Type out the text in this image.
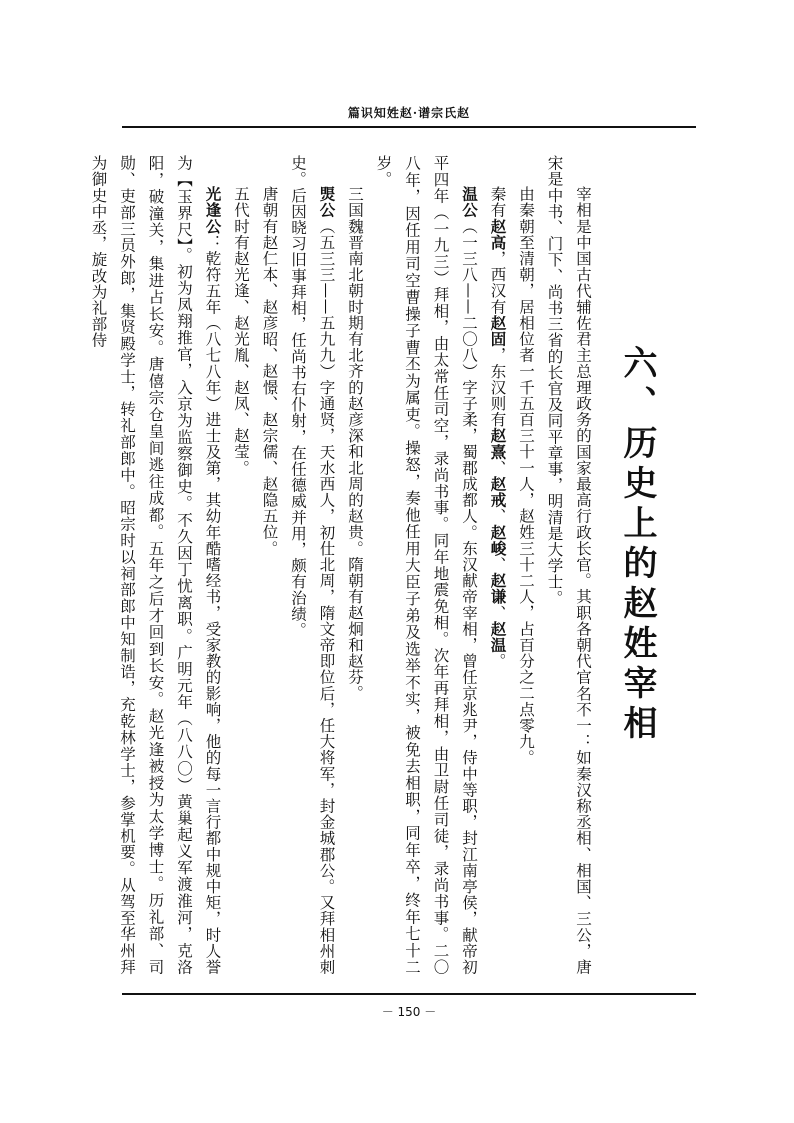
篇识知姓赵·谱宗氏赵
六、历史上的赵姓宰相
宰相是中国古代辅佐君主总理政务的国家最高行政长官。其职各朝代官名不一：如秦汉称丞相、相国、三公，唐宋是中书、门下、尚书三省的长官及同平章事，明清是大学士。
由秦朝至清朝，居相位者一千五百三十一人，赵姓三十二人，占百分之二点零九。
秦有赵高，西汉有赵固，东汉则有赵熹、赵戒、赵峻、赵谦、赵温。
温公（一三八——二〇八）字子柔，蜀郡成都人。东汉献帝宰相，曾任京兆尹，侍中等职，封江南亭侯，献帝初平四年（一九三）拜相，由太常任司空，录尚书事。同年地震免相。次年再拜相，由卫尉任司徒，录尚书事。二〇八年，因任用司空曹操子曹丕为属吏。操怒，奏他任用大臣子弟及选举不实，被免去相职，同年卒，终年七十二岁。
三国魏晋南北朝时期有北齐的赵彦深和北周的赵贵。隋朝有赵炯和赵芬。
煚公（五三三——五九九）字通贤，天水西人，初仕北周，隋文帝即位后，任大将军，封金城郡公。又拜相州刺史。后因晓习旧事拜相，任尚书右仆射，在任德威并用，颇有治绩。
唐朝有赵仁本、赵彦昭、赵憬、赵宗儒、赵隐五位。
五代时有赵光逢、赵光胤、赵凤、赵莹。
光逢公：乾符五年（八七八年）进士及第，其幼年酷嗜经书，受家教的影响，他的每一言行都中规中矩，时人誉为【玉界尺】。初为凤翔推官，入京为监察御史。不久因丁忧离职。广明元年（八八〇）黄巢起义军渡淮河，克洛阳，破潼关，集进占长安。唐僖宗仓皇间逃往成都。五年之后才回到长安。赵光逢被授为太学博士。历礼部、司勋、吏部三员外郎，集贤殿学士，转礼部郎中。昭宗时以祠部郎中知制诰，充乾林学士，参掌机要。从驾至华州拜为御史中丞，旋改为礼部侍
－ 150 －
